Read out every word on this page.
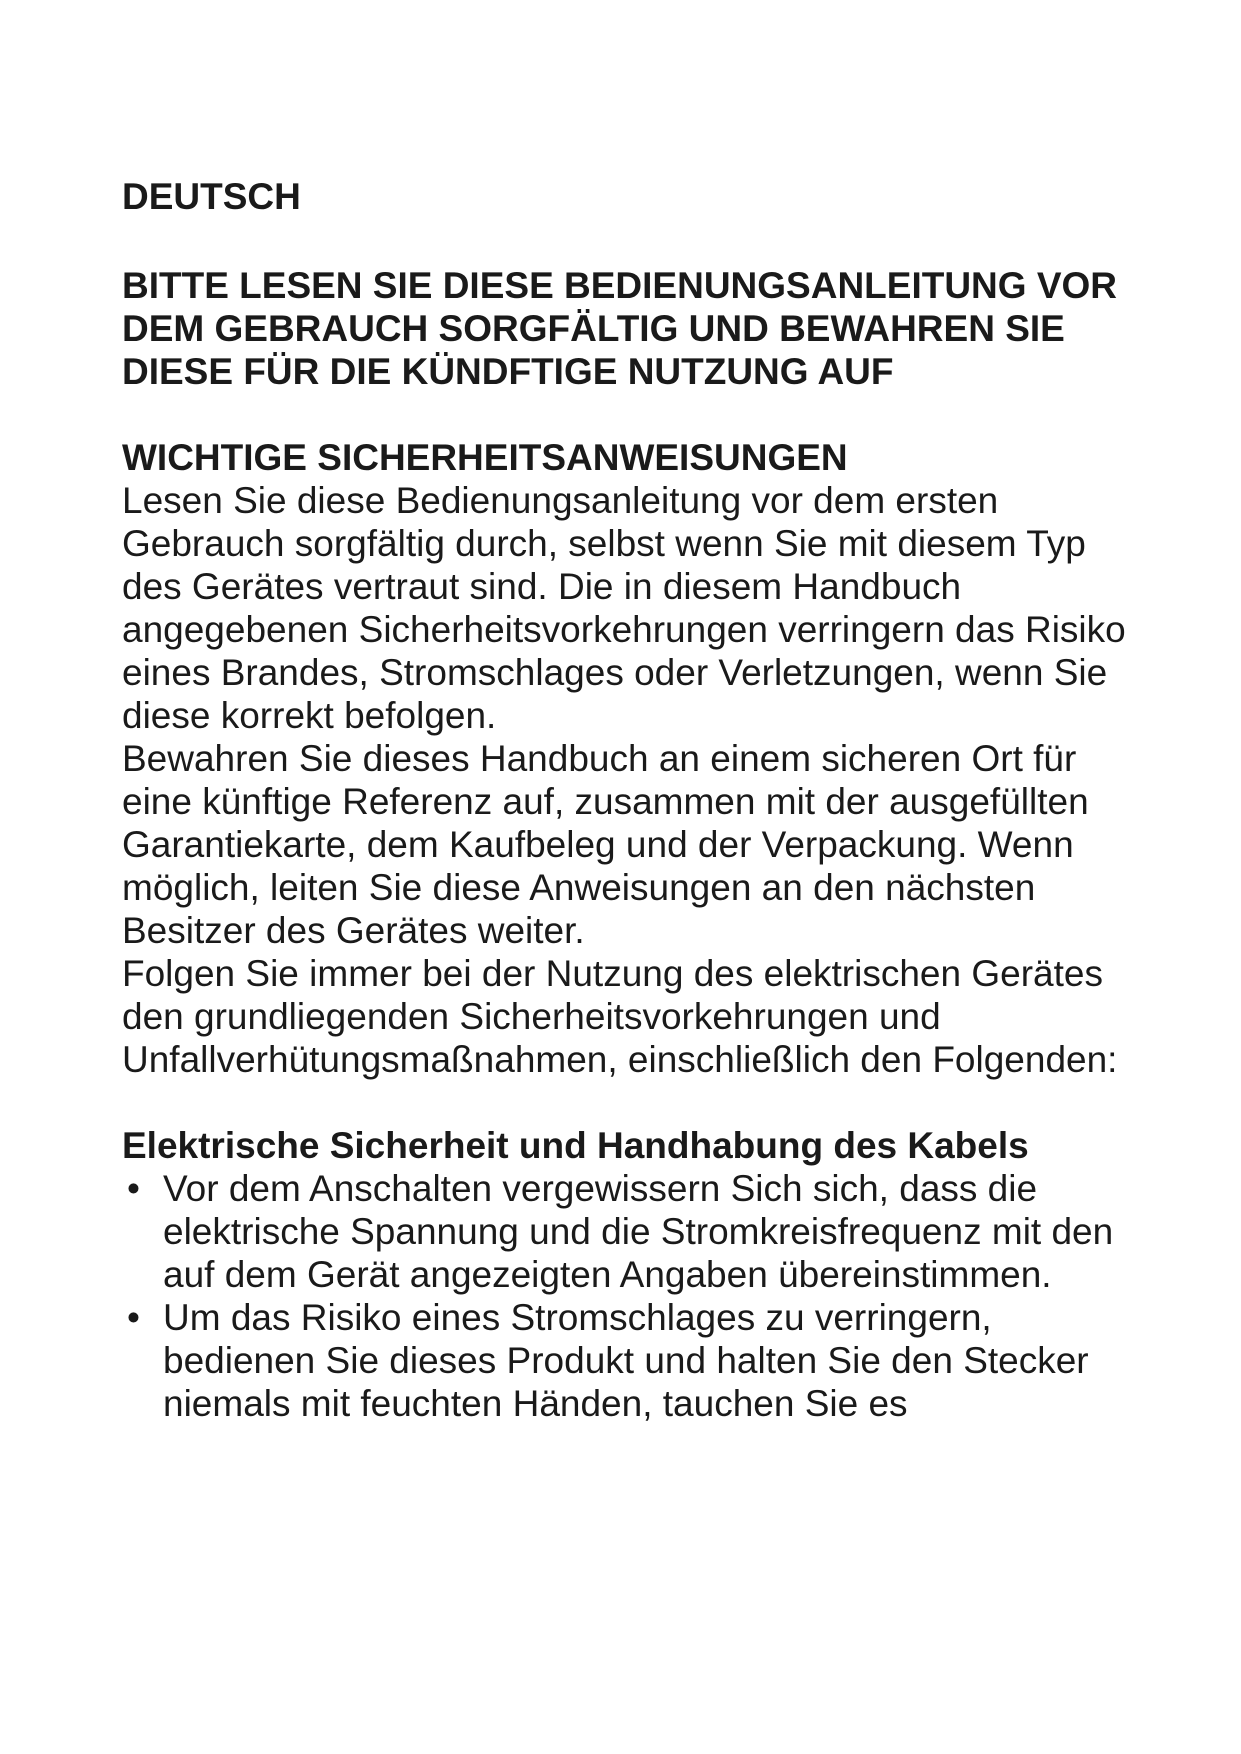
DEUTSCH
BITTE LESEN SIE DIESE BEDIENUNGSANLEITUNG VOR DEM GEBRAUCH SORGFÄLTIG UND BEWAHREN SIE DIESE FÜR DIE KÜNDFTIGE NUTZUNG AUF
WICHTIGE SICHERHEITSANWEISUNGEN
Lesen Sie diese Bedienungsanleitung vor dem ersten Gebrauch sorgfältig durch, selbst wenn Sie mit diesem Typ des Gerätes vertraut sind. Die in diesem Handbuch angegebenen Sicherheitsvorkehrungen verringern das Risiko eines Brandes, Stromschlages oder Verletzungen, wenn Sie diese korrekt befolgen.
Bewahren Sie dieses Handbuch an einem sicheren Ort für eine künftige Referenz auf, zusammen mit der ausgefüllten Garantiekarte, dem Kaufbeleg und der Verpackung. Wenn möglich, leiten Sie diese Anweisungen an den nächsten Besitzer des Gerätes weiter.
Folgen Sie immer bei der Nutzung des elektrischen Gerätes den grundliegenden Sicherheitsvorkehrungen und Unfallverhütungsmaßnahmen, einschließlich den Folgenden:
Elektrische Sicherheit und Handhabung des Kabels
• Vor dem Anschalten vergewissern Sich sich, dass die elektrische Spannung und die Stromkreisfrequenz mit den auf dem Gerät angezeigten Angaben übereinstimmen.
• Um das Risiko eines Stromschlages zu verringern, bedienen Sie dieses Produkt und halten Sie den Stecker niemals mit feuchten Händen, tauchen Sie es
